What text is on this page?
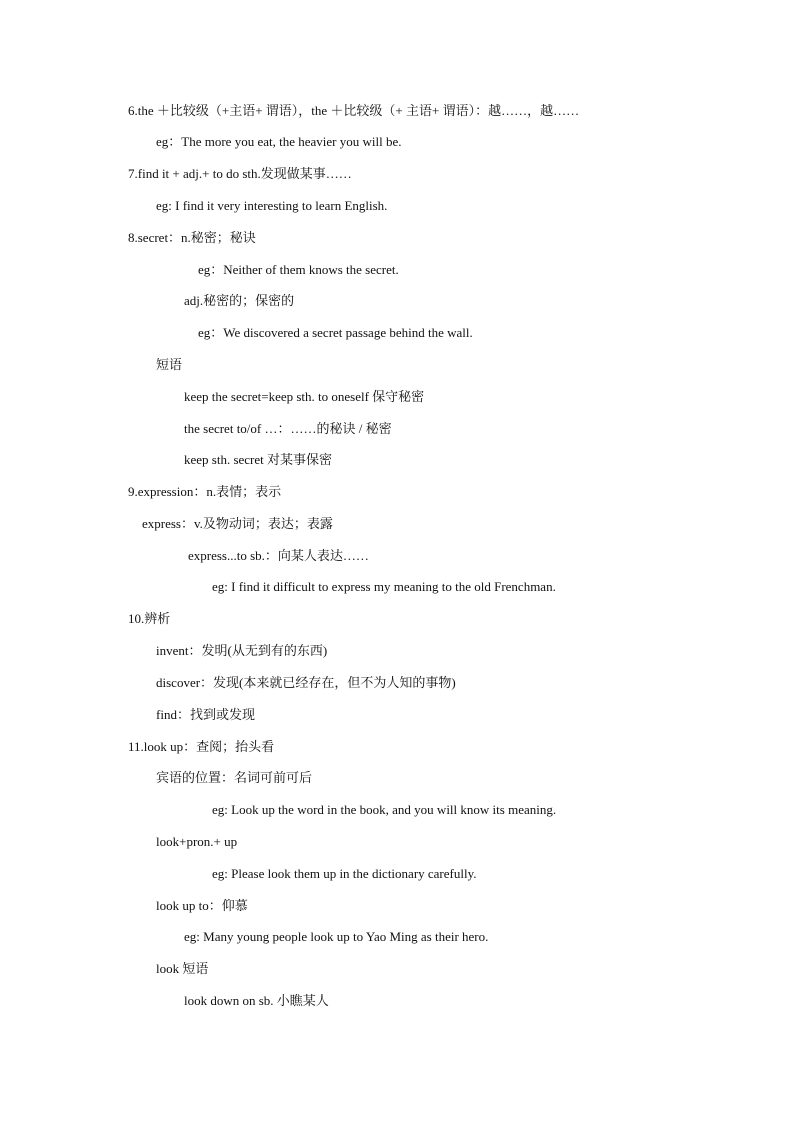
6.the ＋比较级（+主语+ 谓语），the ＋比较级（+ 主语+ 谓语）：越……，越……
eg：The more you eat, the heavier you will be.
7.find it + adj.+ to do sth.发现做某事……
eg: I find it very interesting to learn English.
8.secret：n.秘密；秘诀
eg：Neither of them knows the secret.
adj.秘密的；保密的
eg：We discovered a secret passage behind the wall.
短语
keep the secret=keep sth. to oneself 保守秘密
the secret to/of …：……的秘诀 / 秘密
keep sth. secret 对某事保密
9.expression：n.表情；表示
express：v.及物动词；表达；表露
express...to sb.：向某人表达……
eg: I find it difficult to express my meaning to the old Frenchman.
10.辨析
invent：发明(从无到有的东西)
discover：发现(本来就已经存在，但不为人知的事物)
find：找到或发现
11.look up：查阅；抬头看
宾语的位置：名词可前可后
eg: Look up the word in the book, and you will know its meaning.
look+pron.+ up
eg: Please look them up in the dictionary carefully.
look up to：仰慕
eg: Many young people look up to Yao Ming as their hero.
look 短语
look down on sb. 小瞧某人
